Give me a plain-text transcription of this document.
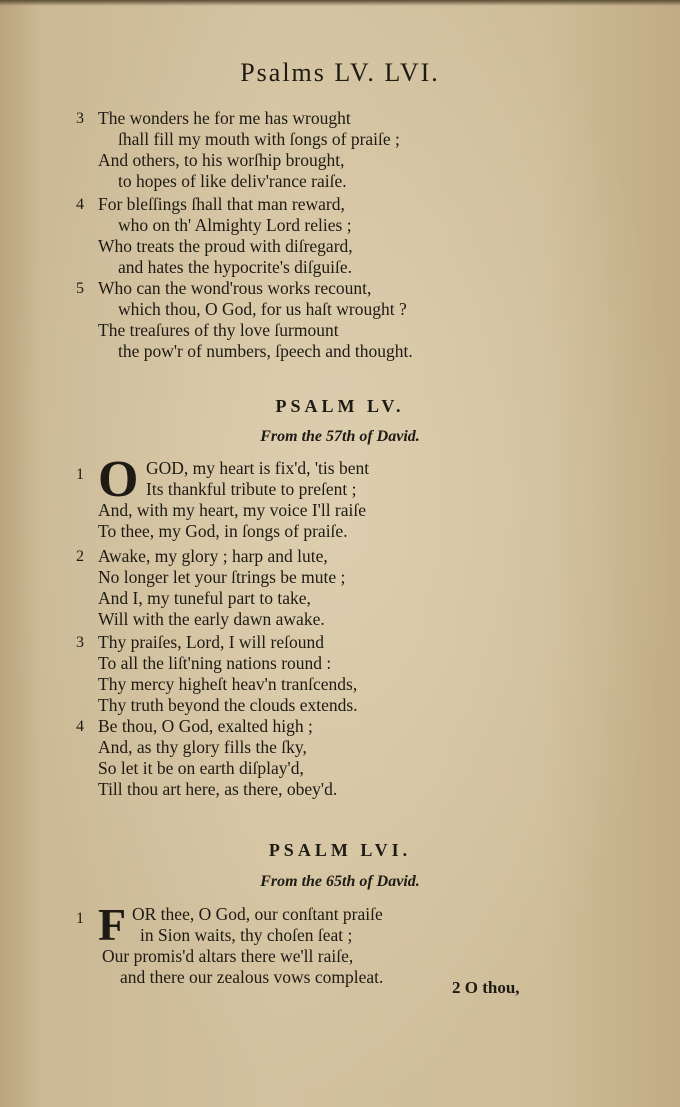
Psalms LV. LVI.
3 The wonders he for me has wrought
ſhall fill my mouth with ſongs of praiſe ;
And others, to his worſhip brought,
to hopes of like deliv'rance raiſe.
4 For bleſſings ſhall that man reward,
who on th' Almighty Lord relies ;
Who treats the proud with diſregard,
and hates the hypocrite's diſguiſe.
5 Who can the wond'rous works recount,
which thou, O God, for us haſt wrought ?
The treaſures of thy love ſurmount
the pow'r of numbers, ſpeech and thought.
PSALM LV.
From the 57th of David.
1 O GOD, my heart is fix'd, 'tis bent
Its thankful tribute to preſent ;
And, with my heart, my voice I'll raiſe
To thee, my God, in ſongs of praiſe.
2 Awake, my glory ; harp and lute,
No longer let your ſtrings be mute ;
And I, my tuneful part to take,
Will with the early dawn awake.
3 Thy praiſes, Lord, I will reſound
To all the liſt'ning nations round :
Thy mercy higheſt heav'n tranſcends,
Thy truth beyond the clouds extends.
4 Be thou, O God, exalted high ;
And, as thy glory fills the ſky,
So let it be on earth diſplay'd,
Till thou art here, as there, obey'd.
PSALM LVI.
From the 65th of David.
1 F OR thee, O God, our conſtant praiſe
in Sion waits, thy choſen ſeat ;
Our promis'd altars there we'll raiſe,
and there our zealous vows compleat.
2 O thou,
